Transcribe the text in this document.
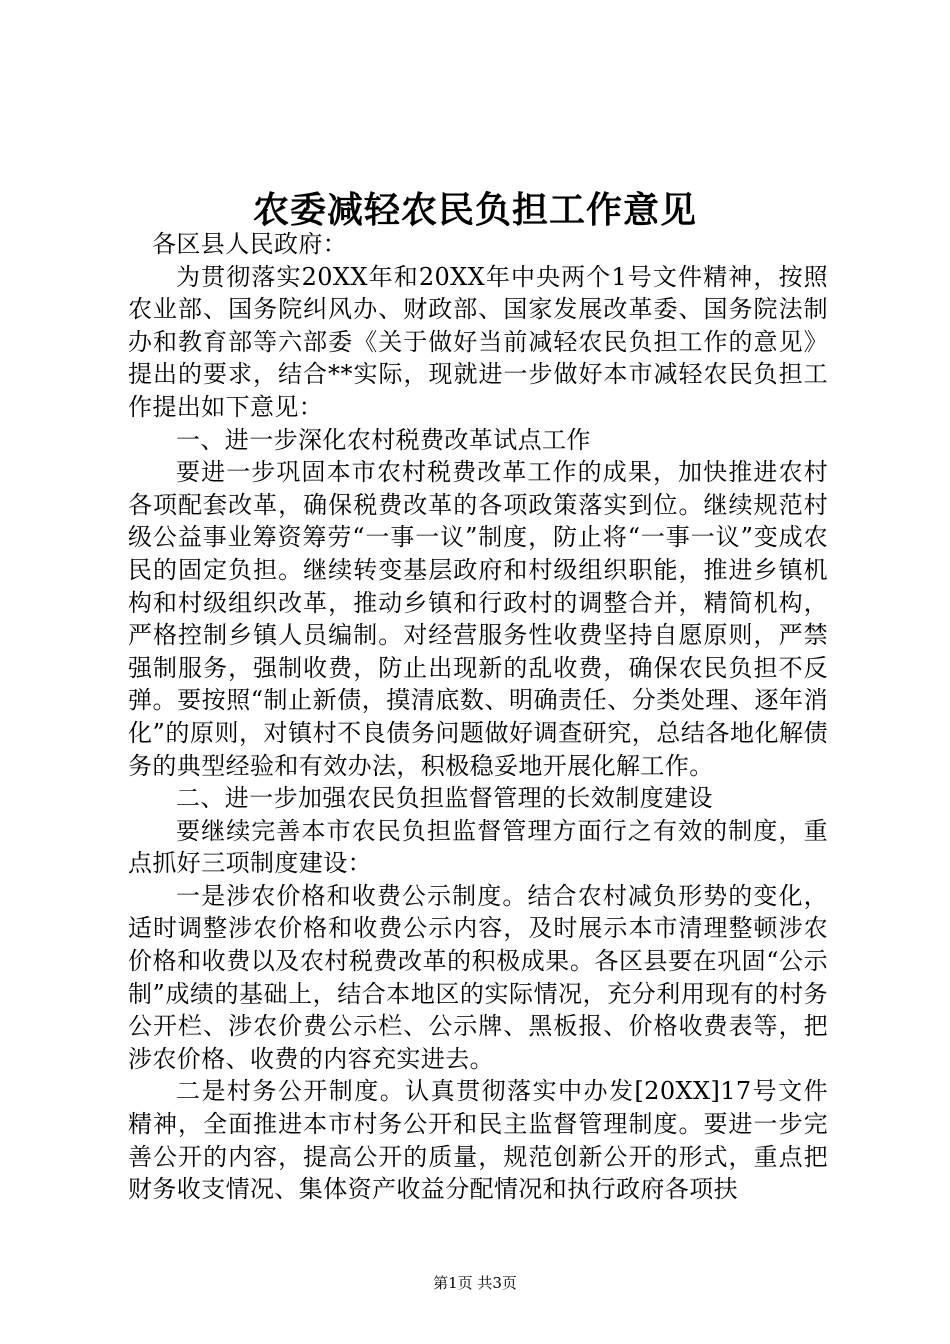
农委减轻农民负担工作意见

各区县人民政府：

为贯彻落实20XX年和20XX年中央两个1号文件精神，按照农业部、国务院纠风办、财政部、国家发展改革委、国务院法制办和教育部等六部委《关于做好当前减轻农民负担工作的意见》提出的要求，结合**实际，现就进一步做好本市减轻农民负担工作提出如下意见：

一、进一步深化农村税费改革试点工作

要进一步巩固本市农村税费改革工作的成果，加快推进农村各项配套改革，确保税费改革的各项政策落实到位。继续规范村级公益事业筹资筹劳“一事一议”制度，防止将“一事一议”变成农民的固定负担。继续转变基层政府和村级组织职能，推进乡镇机构和村级组织改革，推动乡镇和行政村的调整合并，精简机构，严格控制乡镇人员编制。对经营服务性收费坚持自愿原则，严禁强制服务，强制收费，防止出现新的乱收费，确保农民负担不反弹。要按照“制止新债，摸清底数、明确责任、分类处理、逐年消化”的原则，对镇村不良债务问题做好调查研究，总结各地化解债务的典型经验和有效办法，积极稳妥地开展化解工作。

二、进一步加强农民负担监督管理的长效制度建设

要继续完善本市农民负担监督管理方面行之有效的制度，重点抓好三项制度建设：

一是涉农价格和收费公示制度。结合农村减负形势的变化，适时调整涉农价格和收费公示内容，及时展示本市清理整顿涉农价格和收费以及农村税费改革的积极成果。各区县要在巩固“公示制”成绩的基础上，结合本地区的实际情况，充分利用现有的村务公开栏、涉农价费公示栏、公示牌、黑板报、价格收费表等，把涉农价格、收费的内容充实进去。

二是村务公开制度。认真贯彻落实中办发[20XX]17号文件精神，全面推进本市村务公开和民主监督管理制度。要进一步完善公开的内容，提高公开的质量，规范创新公开的形式，重点把财务收支情况、集体资产收益分配情况和执行政府各项扶

第1页 共3页
